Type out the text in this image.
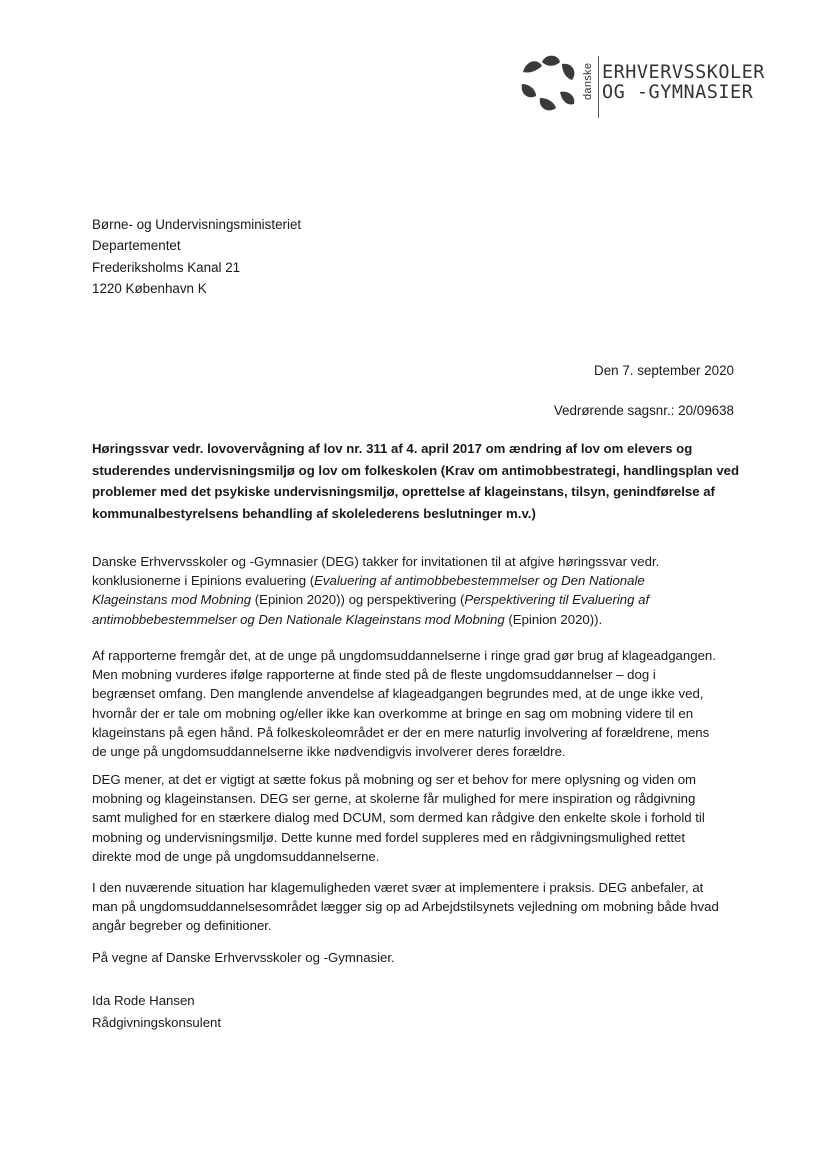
danske ERHVERVSSKOLER
OG -GYMNASIER
Børne- og Undervisningsministeriet
Departementet
Frederiksholms Kanal 21
1220 København K
Den 7. september 2020
Vedrørende sagsnr.: 20/09638
Høringssvar vedr. lovovervågning af lov nr. 311 af 4. april 2017 om ændring af lov om elevers og
studerendes undervisningsmiljø og lov om folkeskolen (Krav om antimobbestrategi, handlingsplan ved
problemer med det psykiske undervisningsmiljø, oprettelse af klageinstans, tilsyn, genindførelse af
kommunalbestyrelsens behandling af skolelederens beslutninger m.v.)
Danske Erhvervsskoler og -Gymnasier (DEG) takker for invitationen til at afgive høringssvar vedr.
konklusionerne i Epinions evaluering (Evaluering af antimobbebestemmelser og Den Nationale
Klageinstans mod Mobning (Epinion 2020)) og perspektivering (Perspektivering til Evaluering af
antimobbebestemmelser og Den Nationale Klageinstans mod Mobning (Epinion 2020)).
Af rapporterne fremgår det, at de unge på ungdomsuddannelserne i ringe grad gør brug af klageadgangen.
Men mobning vurderes ifølge rapporterne at finde sted på de fleste ungdomsuddannelser – dog i
begrænset omfang. Den manglende anvendelse af klageadgangen begrundes med, at de unge ikke ved,
hvornår der er tale om mobning og/eller ikke kan overkomme at bringe en sag om mobning videre til en
klageinstans på egen hånd. På folkeskoleområdet er der en mere naturlig involvering af forældrene, mens
de unge på ungdomsuddannelserne ikke nødvendigvis involverer deres forældre.
DEG mener, at det er vigtigt at sætte fokus på mobning og ser et behov for mere oplysning og viden om
mobning og klageinstansen. DEG ser gerne, at skolerne får mulighed for mere inspiration og rådgivning
samt mulighed for en stærkere dialog med DCUM, som dermed kan rådgive den enkelte skole i forhold til
mobning og undervisningsmiljø. Dette kunne med fordel suppleres med en rådgivningsmulighed rettet
direkte mod de unge på ungdomsuddannelserne.
I den nuværende situation har klagemuligheden været svær at implementere i praksis. DEG anbefaler, at
man på ungdomsuddannelsesområdet lægger sig op ad Arbejdstilsynets vejledning om mobning både hvad
angår begreber og definitioner.
På vegne af Danske Erhvervsskoler og -Gymnasier.
Ida Rode Hansen
Rådgivningskonsulent
